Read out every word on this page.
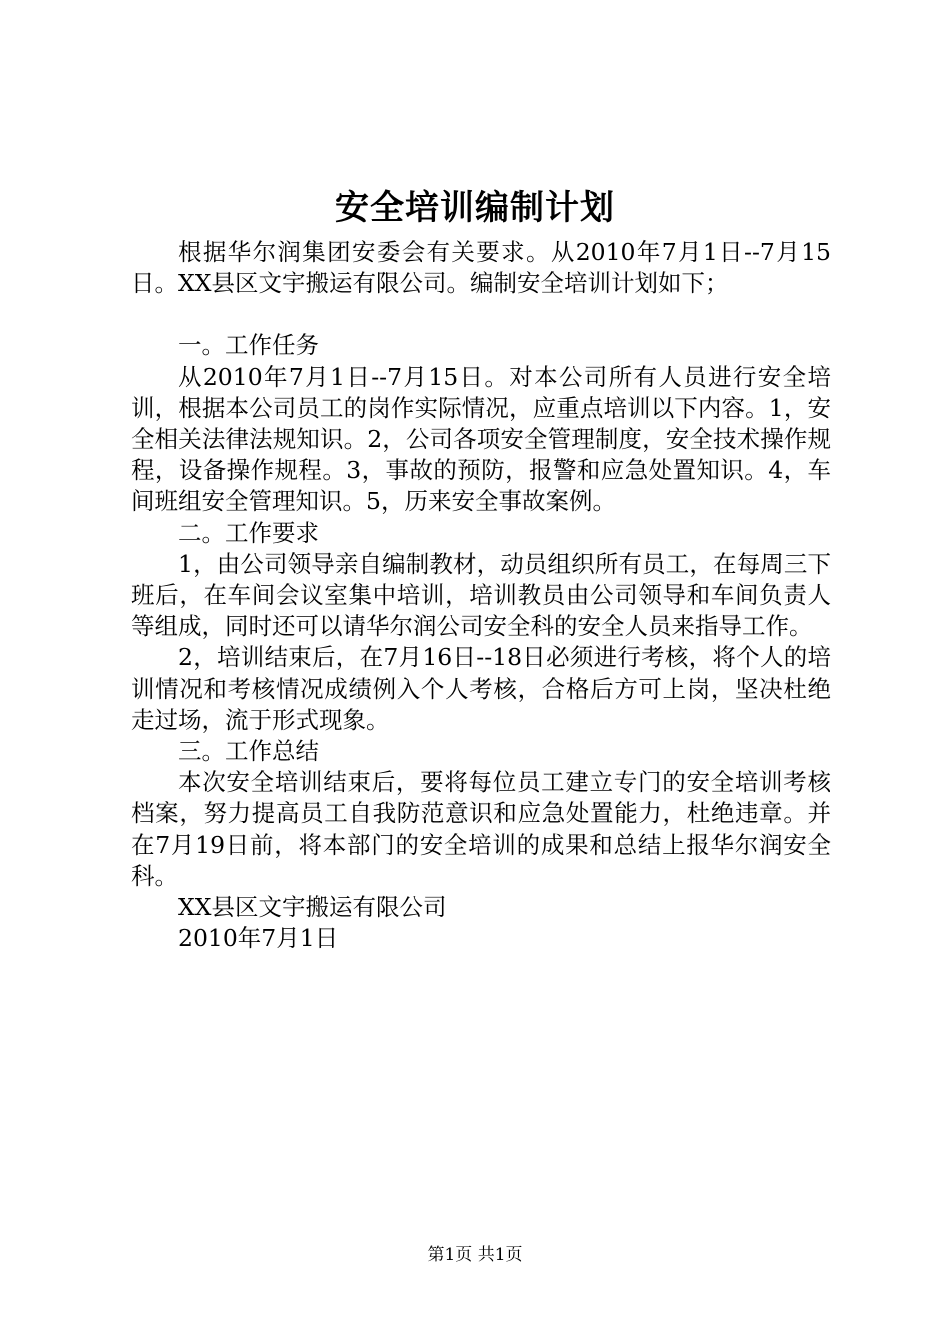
安全培训编制计划

根据华尔润集团安委会有关要求。从2010年7月1日--7月15日。XX县区文宇搬运有限公司。编制安全培训计划如下；

一。工作任务

从2010年7月1日--7月15日。对本公司所有人员进行安全培训，根据本公司员工的岗作实际情况，应重点培训以下内容。1，安全相关法律法规知识。2，公司各项安全管理制度，安全技术操作规程，设备操作规程。3，事故的预防，报警和应急处置知识。4，车间班组安全管理知识。5，历来安全事故案例。

二。工作要求

1，由公司领导亲自编制教材，动员组织所有员工，在每周三下班后，在车间会议室集中培训，培训教员由公司领导和车间负责人等组成，同时还可以请华尔润公司安全科的安全人员来指导工作。

2，培训结束后，在7月16日--18日必须进行考核，将个人的培训情况和考核情况成绩例入个人考核，合格后方可上岗，坚决杜绝走过场，流于形式现象。

三。工作总结

本次安全培训结束后，要将每位员工建立专门的安全培训考核档案，努力提高员工自我防范意识和应急处置能力，杜绝违章。并在7月19日前，将本部门的安全培训的成果和总结上报华尔润安全科。

XX县区文宇搬运有限公司

2010年7月1日

第1页 共1页
